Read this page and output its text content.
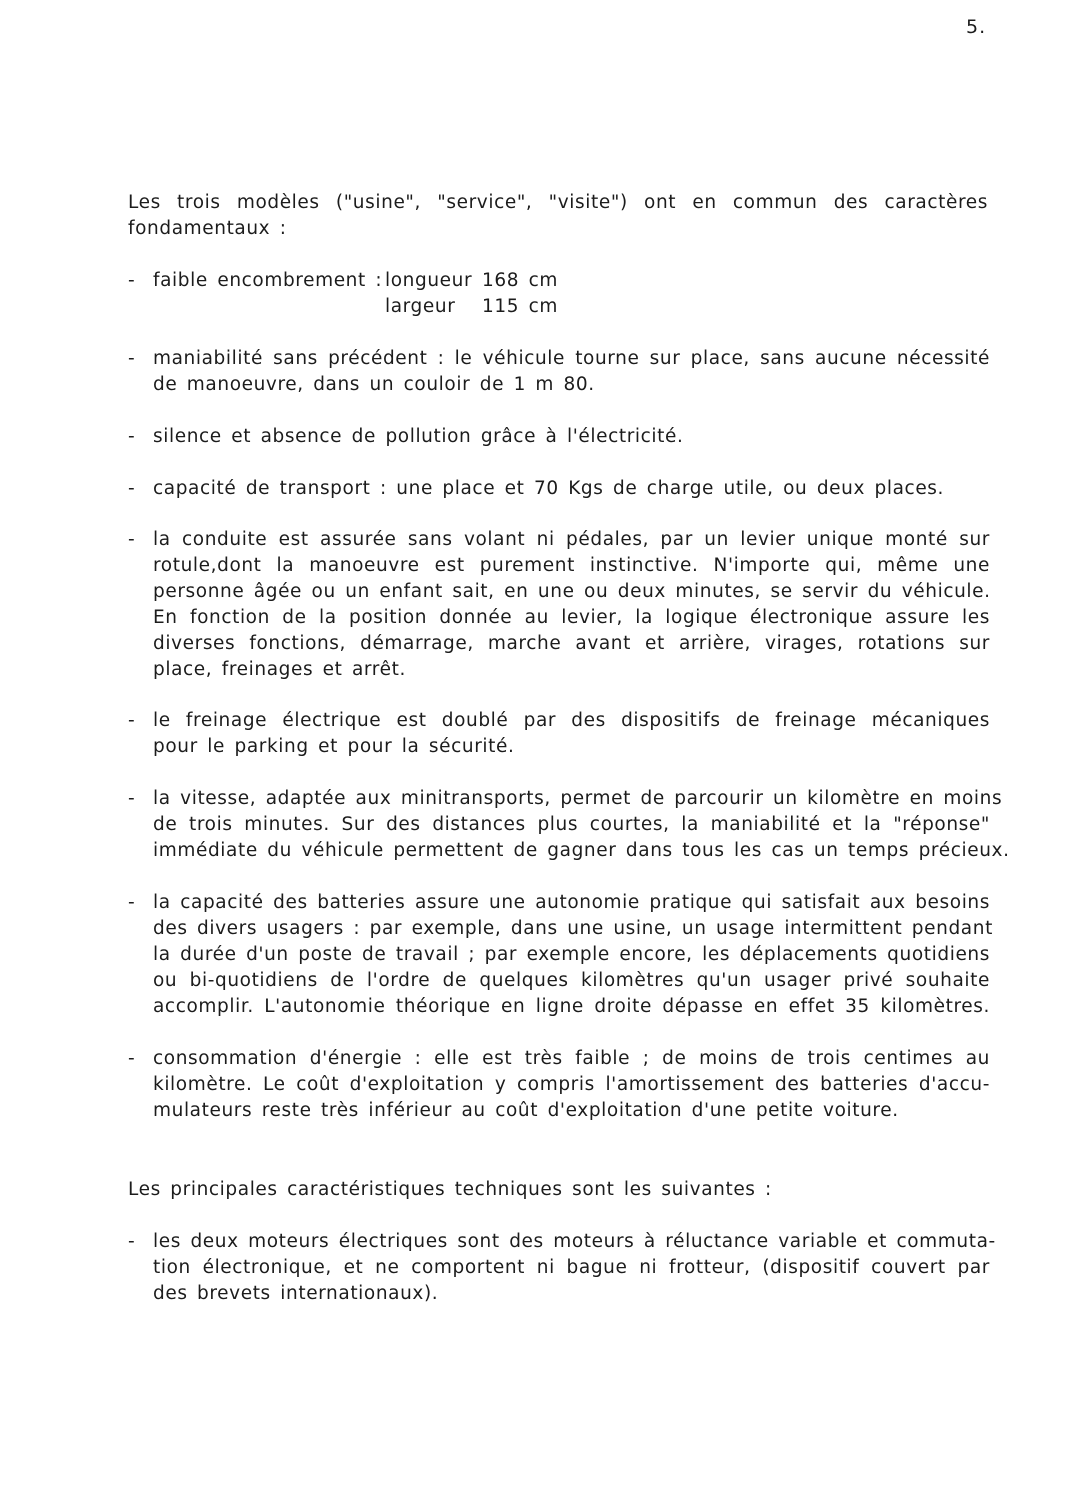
5.
Les trois modèles ("usine", "service", "visite") ont en commun des caractères
fondamentaux :
- faible encombrement : longueur 168 cm
largeur 115 cm
- maniabilité sans précédent : le véhicule tourne sur place, sans aucune nécessité
de manoeuvre, dans un couloir de 1 m 80.
- silence et absence de pollution grâce à l'électricité.
- capacité de transport : une place et 70 Kgs de charge utile, ou deux places.
- la conduite est assurée sans volant ni pédales, par un levier unique monté sur
rotule,dont la manoeuvre est purement instinctive. N'importe qui, même une
personne âgée ou un enfant sait, en une ou deux minutes, se servir du véhicule.
En fonction de la position donnée au levier, la logique électronique assure les
diverses fonctions, démarrage, marche avant et arrière, virages, rotations sur
place, freinages et arrêt.
- le freinage électrique est doublé par des dispositifs de freinage mécaniques
pour le parking et pour la sécurité.
- la vitesse, adaptée aux minitransports, permet de parcourir un kilomètre en moins
de trois minutes. Sur des distances plus courtes, la maniabilité et la "réponse"
immédiate du véhicule permettent de gagner dans tous les cas un temps précieux.
- la capacité des batteries assure une autonomie pratique qui satisfait aux besoins
des divers usagers : par exemple, dans une usine, un usage intermittent pendant
la durée d'un poste de travail ; par exemple encore, les déplacements quotidiens
ou bi-quotidiens de l'ordre de quelques kilomètres qu'un usager privé souhaite
accomplir. L'autonomie théorique en ligne droite dépasse en effet 35 kilomètres.
- consommation d'énergie : elle est très faible ; de moins de trois centimes au
kilomètre. Le coût d'exploitation y compris l'amortissement des batteries d'accu-
mulateurs reste très inférieur au coût d'exploitation d'une petite voiture.
Les principales caractéristiques techniques sont les suivantes :
- les deux moteurs électriques sont des moteurs à réluctance variable et commuta-
tion électronique, et ne comportent ni bague ni frotteur, (dispositif couvert par
des brevets internationaux).
